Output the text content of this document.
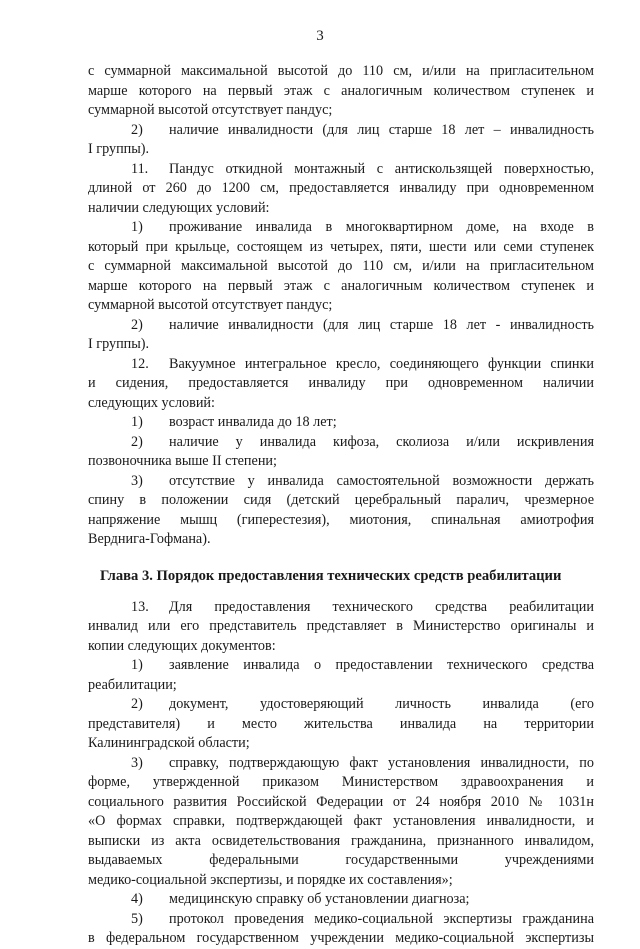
3
с суммарной максимальной высотой до 110 см, и/или на пригласительном
марше которого на первый этаж с аналогичным количеством ступенек и
суммарной высотой отсутствует пандус;
2) наличие инвалидности (для лиц старше 18 лет – инвалидность
I группы).
11. Пандус откидной монтажный с антискользящей поверхностью,
длиной от 260 до 1200 см, предоставляется инвалиду при одновременном
наличии следующих условий:
1) проживание инвалида в многоквартирном доме, на входе в
который при крыльце, состоящем из четырех, пяти, шести или семи ступенек
с суммарной максимальной высотой до 110 см, и/или на пригласительном
марше которого на первый этаж с аналогичным количеством ступенек и
суммарной высотой отсутствует пандус;
2) наличие инвалидности (для лиц старше 18 лет - инвалидность
I группы).
12. Вакуумное интегральное кресло, соединяющего функции спинки
и сидения, предоставляется инвалиду при одновременном наличии
следующих условий:
1) возраст инвалида до 18 лет;
2) наличие у инвалида кифоза, сколиоза и/или искривления
позвоночника выше II степени;
3) отсутствие у инвалида самостоятельной возможности держать
спину в положении сидя (детский церебральный паралич, чрезмерное
напряжение мышц (гиперестезия), миотония, спинальная амиотрофия
Верднига-Гофмана).
Глава 3. Порядок предоставления технических средств реабилитации
13. Для предоставления технического средства реабилитации
инвалид или его представитель представляет в Министерство оригиналы и
копии следующих документов:
1) заявление инвалида о предоставлении технического средства
реабилитации;
2) документ, удостоверяющий личность инвалида (его
представителя) и место жительства инвалида на территории
Калининградской области;
3) справку, подтверждающую факт установления инвалидности, по
форме, утвержденной приказом Министерством здравоохранения и
социального развития Российской Федерации от 24 ноября 2010 № 1031н
«О формах справки, подтверждающей факт установления инвалидности, и
выписки из акта освидетельствования гражданина, признанного инвалидом,
выдаваемых федеральными государственными учреждениями
медико-социальной экспертизы, и порядке их составления»;
4) медицинскую справку об установлении диагноза;
5) протокол проведения медико-социальной экспертизы гражданина
в федеральном государственном учреждении медико-социальной экспертизы
